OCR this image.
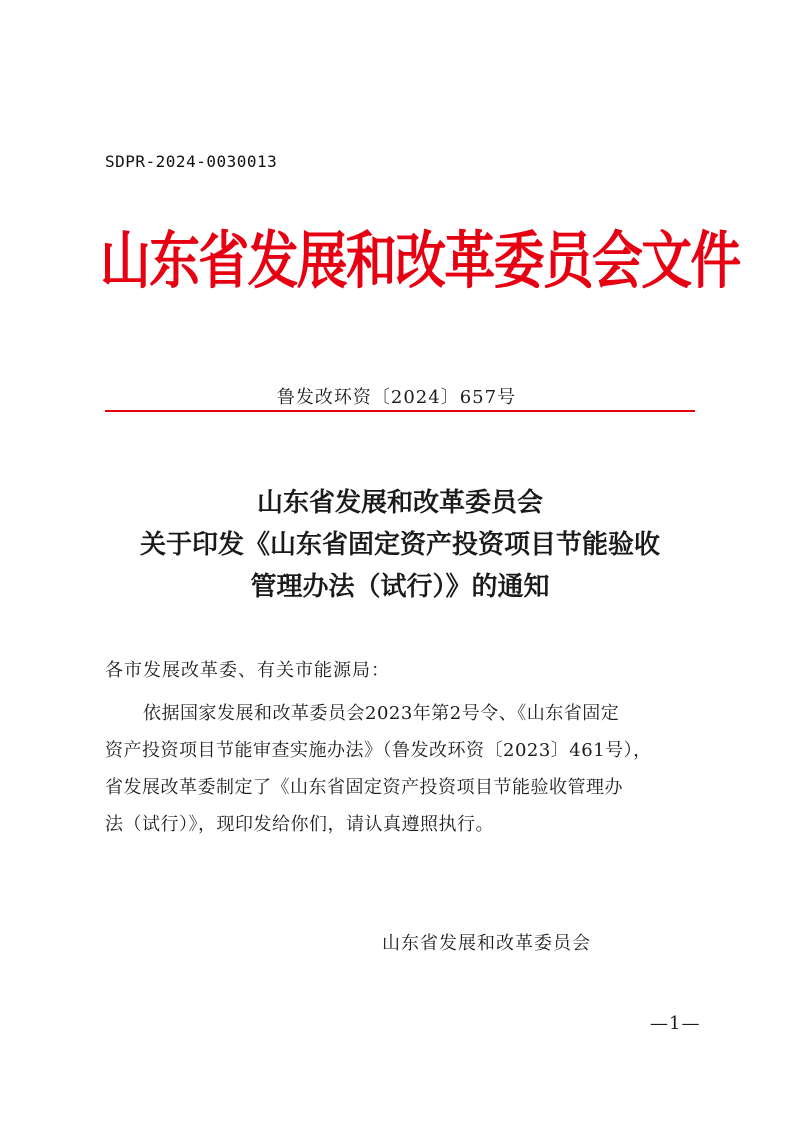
SDPR-2024-0030013
山东省发展和改革委员会文件
鲁发改环资〔2024〕657号
山东省发展和改革委员会
关于印发《山东省固定资产投资项目节能验收
管理办法（试行）》的通知
各市发展改革委、有关市能源局：
依据国家发展和改革委员会2023年第2号令、《山东省固定
资产投资项目节能审查实施办法》（鲁发改环资〔2023〕461号），
省发展改革委制定了《山东省固定资产投资项目节能验收管理办
法（试行）》，现印发给你们，请认真遵照执行。
山东省发展和改革委员会
—1—
